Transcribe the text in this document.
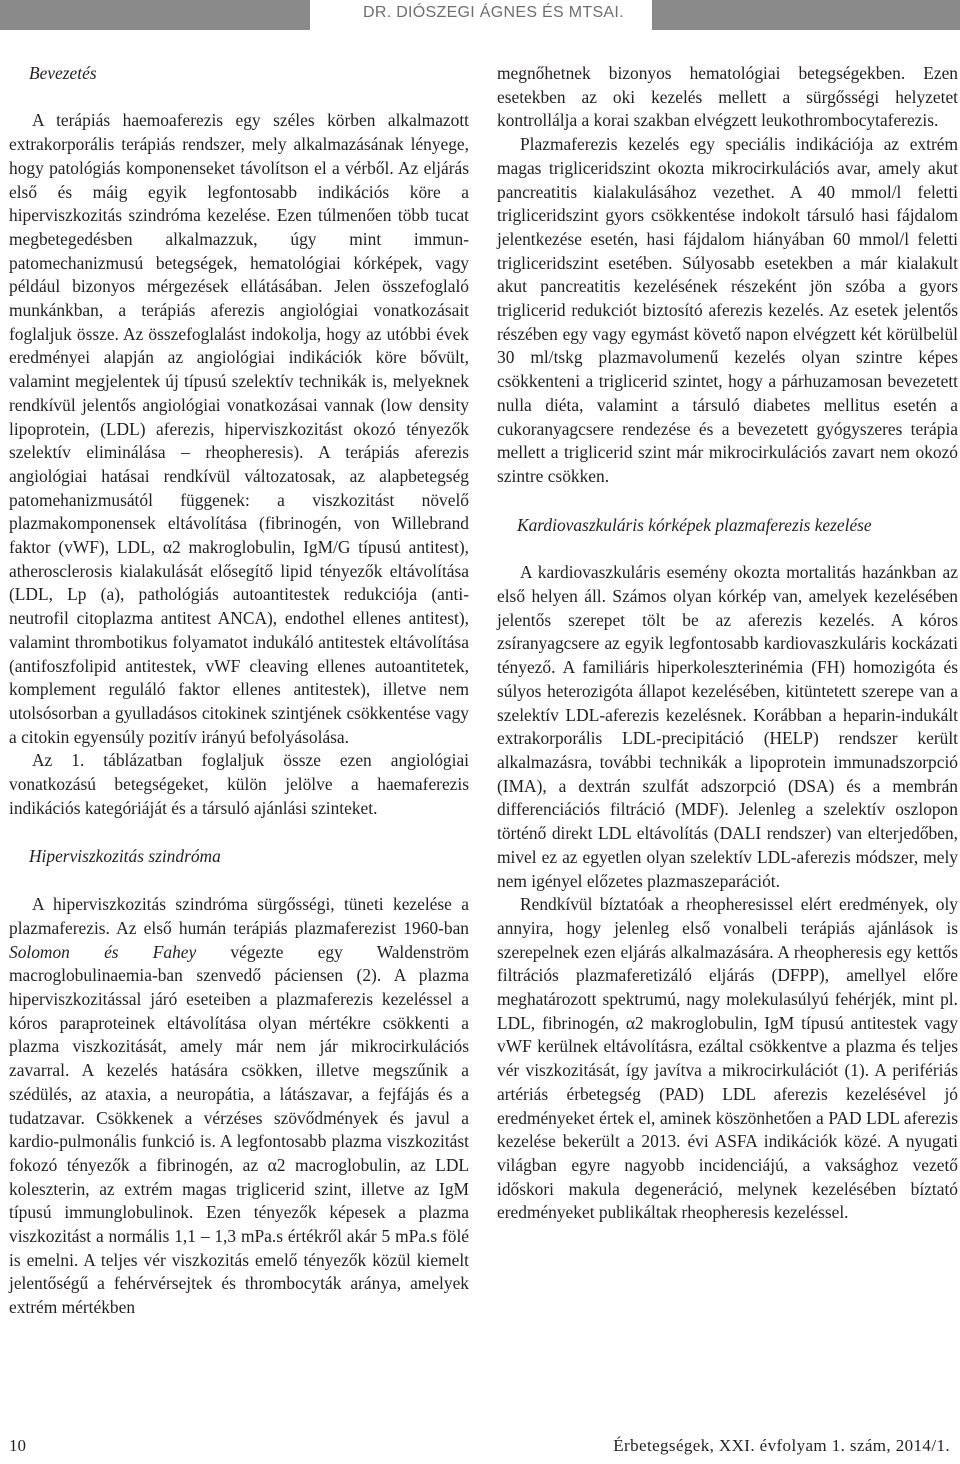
DR. DIÓSZEGI ÁGNES ÉS MTSAI.
Bevezetés

A terápiás haemoaferezis egy széles körben alkalmazott extrakorporális terápiás rendszer, mely alkalmazásának lényege, hogy patológiás komponenseket távolítson el a vérből. Az eljárás első és máig egyik legfontosabb indikációs köre a hiperviszkozitás szindróma kezelése. Ezen túlmenően több tucat megbetegedésben alkalmazzuk, úgy mint immun-patomechanizmusú betegségek, hematológiai kórképek, vagy például bizonyos mérgezések ellátásában. Jelen összefoglaló munkánkban, a terápiás aferezis angiológiai vonatkozásait foglaljuk össze. Az összefoglalást indokolja, hogy az utóbbi évek eredményei alapján az angiológiai indikációk köre bővült, valamint megjelentek új típusú szelektív technikák is, melyeknek rendkívül jelentős angiológiai vonatkozásai vannak (low density lipoprotein, (LDL) aferezis, hiperviszkozitást okozó tényezők szelektív eliminálása – rheopheresis). A terápiás aferezis angiológiai hatásai rendkívül változatosak, az alapbetegség patomehanizmusától függenek: a viszkozitást növelő plazmakomponensek eltávolítása (fibrinogén, von Willebrand faktor (vWF), LDL, α2 makroglobulin, IgM/G típusú antitest), atherosclerosis kialakulását elősegítő lipid tényezők eltávolítása (LDL, Lp (a), pathológiás autoantitestek redukciója (anti-neutrofil citoplazma antitest ANCA), endothel ellenes antitest), valamint thrombotikus folyamatot indukáló antitestek eltávolítása (antifoszfolipid antitestek, vWF cleaving ellenes autoantitetek, komplement reguláló faktor ellenes antitestek), illetve nem utolsósorban a gyulladásos citokinek szintjének csökkentése vagy a citokin egyensúly pozitív irányú befolyásolása.

Az 1. táblázatban foglaljuk össze ezen angiológiai vonatkozású betegségeket, külön jelölve a haemaferezis indikációs kategóriáját és a társuló ajánlási szinteket.

Hiperviszkozitás szindróma

A hiperviszkozitás szindróma sürgősségi, tüneti kezelése a plazmaferezis. Az első humán terápiás plazmaferezist 1960-ban Solomon és Fahey végezte egy Waldenström macroglobulinaemia-ban szenvedő páciensen (2). A plazma hiperviszkozitással járó eseteiben a plazmaferezis kezeléssel a kóros paraproteinek eltávolítása olyan mértékre csökkenti a plazma viszkozitását, amely már nem jár mikrocirkulációs zavarral. A kezelés hatására csökken, illetve megszűnik a szédülés, az ataxia, a neuropátia, a látászavar, a fejfájás és a tudatzavar. Csökkenek a vérzéses szövődmények és javul a kardio-pulmonális funkció is. A legfontosabb plazma viszkozitást fokozó tényezők a fibrinogén, az α2 macroglobulin, az LDL koleszterin, az extrém magas triglicerid szint, illetve az IgM típusú immunglobulinok. Ezen tényezők képesek a plazma viszkozitást a normális 1,1 – 1,3 mPa.s értékről akár 5 mPa.s fölé is emelni. A teljes vér viszkozitás emelő tényezők közül kiemelt jelentőségű a fehérvérsejtek és thrombocyták aránya, amelyek extrém mértékben

megnőhetnek bizonyos hematológiai betegségekben. Ezen esetekben az oki kezelés mellett a sürgősségi helyzetet kontrollálja a korai szakban elvégzett leukothrombocytaferezis.

Plazmaferezis kezelés egy speciális indikációja az extrém magas trigliceridszint okozta mikrocirkulációs avar, amely akut pancreatitis kialakulásához vezethet. A 40 mmol/l feletti trigliceridszint gyors csökkentése indokolt társuló hasi fájdalom jelentkezése esetén, hasi fájdalom hiányában 60 mmol/l feletti trigliceridszint esetében. Súlyosabb esetekben a már kialakult akut pancreatitis kezelésének részeként jön szóba a gyors triglicerid redukciót biztosító aferezis kezelés. Az esetek jelentős részében egy vagy egymást követő napon elvégzett két körülbelül 30 ml/tskg plazmavolumenű kezelés olyan szintre képes csökkenteni a triglicerid szintet, hogy a párhuzamosan bevezetett nulla diéta, valamint a társuló diabetes mellitus esetén a cukoranyagcsere rendezése és a bevezetett gyógyszeres terápia mellett a triglicerid szint már mikrocirkulációs zavart nem okozó szintre csökken.

Kardiovaszkuláris kórképek plazmaferezis kezelése

A kardiovaszkuláris esemény okozta mortalitás hazánkban az első helyen áll. Számos olyan kórkép van, amelyek kezelésében jelentős szerepet tölt be az aferezis kezelés. A kóros zsíranyagcsere az egyik legfontosabb kardiovaszkuláris kockázati tényező. A familiáris hiperkoleszterinémia (FH) homozigóta és súlyos heterozigóta állapot kezelésében, kitüntetett szerepe van a szelektív LDL-aferezis kezelésnek. Korábban a heparin-indukált extrakorporális LDL-precipitáció (HELP) rendszer került alkalmazásra, további technikák a lipoprotein immunadszorpció (IMA), a dextrán szulfát adszorpció (DSA) és a membrán differenciációs filtráció (MDF). Jelenleg a szelektív oszlopon történő direkt LDL eltávolítás (DALI rendszer) van elterjedőben, mivel ez az egyetlen olyan szelektív LDL-aferezis módszer, mely nem igényel előzetes plazmaszeparációt.

Rendkívül bíztatóak a rheopheresissel elért eredmények, oly annyira, hogy jelenleg első vonalbeli terápiás ajánlások is szerepelnek ezen eljárás alkalmazására. A rheopheresis egy kettős filtrációs plazmaferetizáló eljárás (DFPP), amellyel előre meghatározott spektrumú, nagy molekulasúlyú fehérjék, mint pl. LDL, fibrinogén, α2 makroglobulin, IgM típusú antitestek vagy vWF kerülnek eltávolításra, ezáltal csökkentve a plazma és teljes vér viszkozitását, így javítva a mikrocirkulációt (1). A perifériás artériás érbetegség (PAD) LDL aferezis kezelésével jó eredményeket értek el, aminek köszönhetően a PAD LDL aferezis kezelése bekerült a 2013. évi ASFA indikációk közé. A nyugati világban egyre nagyobb incidenciájú, a vaksághoz vezető időskori makula degeneráció, melynek kezelésében bíztató eredményeket publikáltak rheopheresis kezeléssel.

10	Érbetegségek, XXI. évfolyam 1. szám, 2014/1.
